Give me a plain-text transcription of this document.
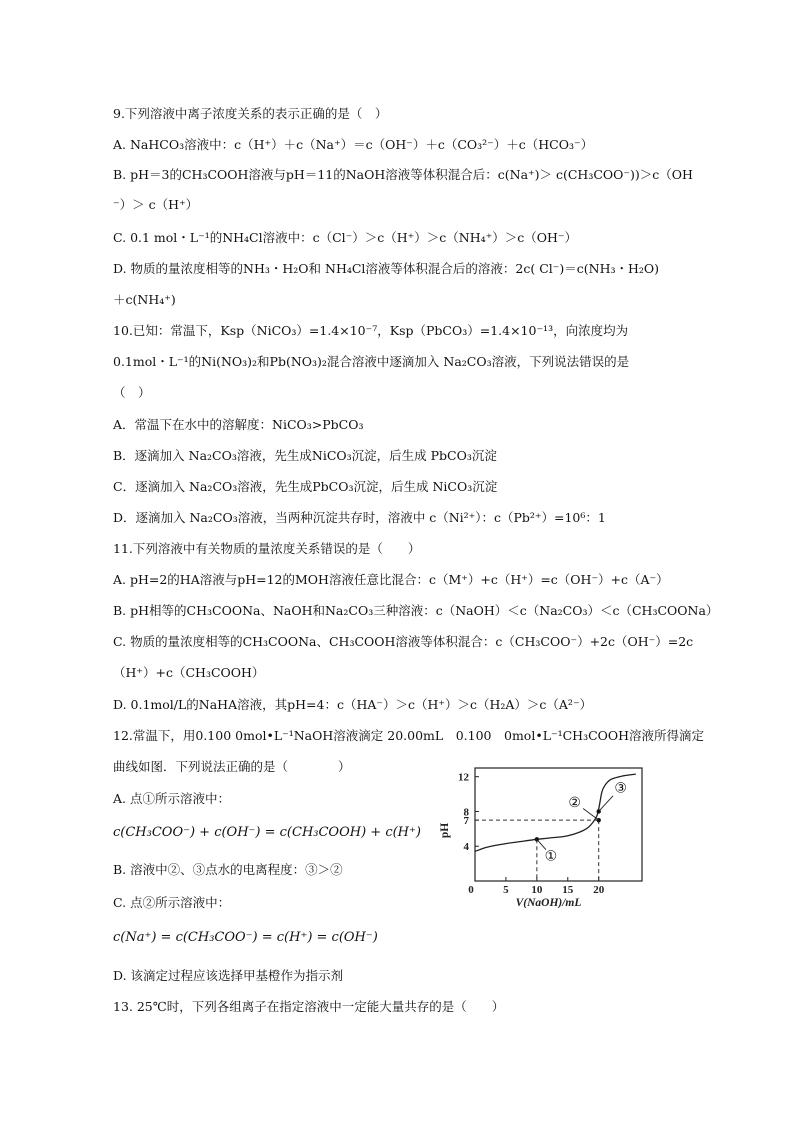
9.下列溶液中离子浓度关系的表示正确的是（　）
A. NaHCO₃溶液中：c（H⁺）＋c（Na⁺）＝c（OH⁻）＋c（CO₃²⁻）＋c（HCO₃⁻）
B. pH＝3的CH₃COOH溶液与pH＝11的NaOH溶液等体积混合后：c(Na⁺)＞ c(CH₃COO⁻))＞c（OH
⁻）＞ c（H⁺）
C. 0.1 mol・L⁻¹的NH₄Cl溶液中：c（Cl⁻）＞c（H⁺）＞c（NH₄⁺）＞c（OH⁻）
D. 物质的量浓度相等的NH₃・H₂O和 NH₄Cl溶液等体积混合后的溶液：2c( Cl⁻)＝c(NH₃・H₂O)
＋c(NH₄⁺)
10.已知：常温下，Ksp（NiCO₃）=1.4×10⁻⁷，Ksp（PbCO₃）=1.4×10⁻¹³，向浓度均为
0.1mol・L⁻¹的Ni(NO₃)₂和Pb(NO₃)₂混合溶液中逐滴加入 Na₂CO₃溶液，下列说法错误的是
（　）
A．常温下在水中的溶解度：NiCO₃>PbCO₃
B．逐滴加入 Na₂CO₃溶液，先生成NiCO₃沉淀，后生成 PbCO₃沉淀
C．逐滴加入 Na₂CO₃溶液，先生成PbCO₃沉淀，后生成 NiCO₃沉淀
D．逐滴加入 Na₂CO₃溶液，当两种沉淀共存时，溶液中 c（Ni²⁺）：c（Pb²⁺）=10⁶：1
11.下列溶液中有关物质的量浓度关系错误的是（　　）
A. pH=2的HA溶液与pH=12的MOH溶液任意比混合：c（M⁺）+c（H⁺）=c（OH⁻）+c（A⁻）
B. pH相等的CH₃COONa、NaOH和Na₂CO₃三种溶液：c（NaOH）＜c（Na₂CO₃）＜c（CH₃COONa）
C. 物质的量浓度相等的CH₃COONa、CH₃COOH溶液等体积混合：c（CH₃COO⁻）+2c（OH⁻）=2c
（H⁺）+c（CH₃COOH）
D. 0.1mol/L的NaHA溶液，其pH=4：c（HA⁻）＞c（H⁺）＞c（H₂A）＞c（A²⁻）
12.常温下，用0.100 0mol•L⁻¹NaOH溶液滴定 20.00mL　0.100　0mol•L⁻¹CH₃COOH溶液所得滴定
曲线如图．下列说法正确的是（　　　　）
A. 点①所示溶液中：
c(CH₃COO⁻) + c(OH⁻) = c(CH₃COOH) + c(H⁺)
B. 溶液中②、③点水的电离程度：③＞②
C. 点②所示溶液中：
c(Na⁺) = c(CH₃COO⁻) = c(H⁺) = c(OH⁻)
D. 该滴定过程应该选择甲基橙作为指示剂
13. 25℃时，下列各组离子在指定溶液中一定能大量共存的是（　　）
0	5 10 15 20
4
7
8
12
V(NaOH)/mL
pH
①
②
③
